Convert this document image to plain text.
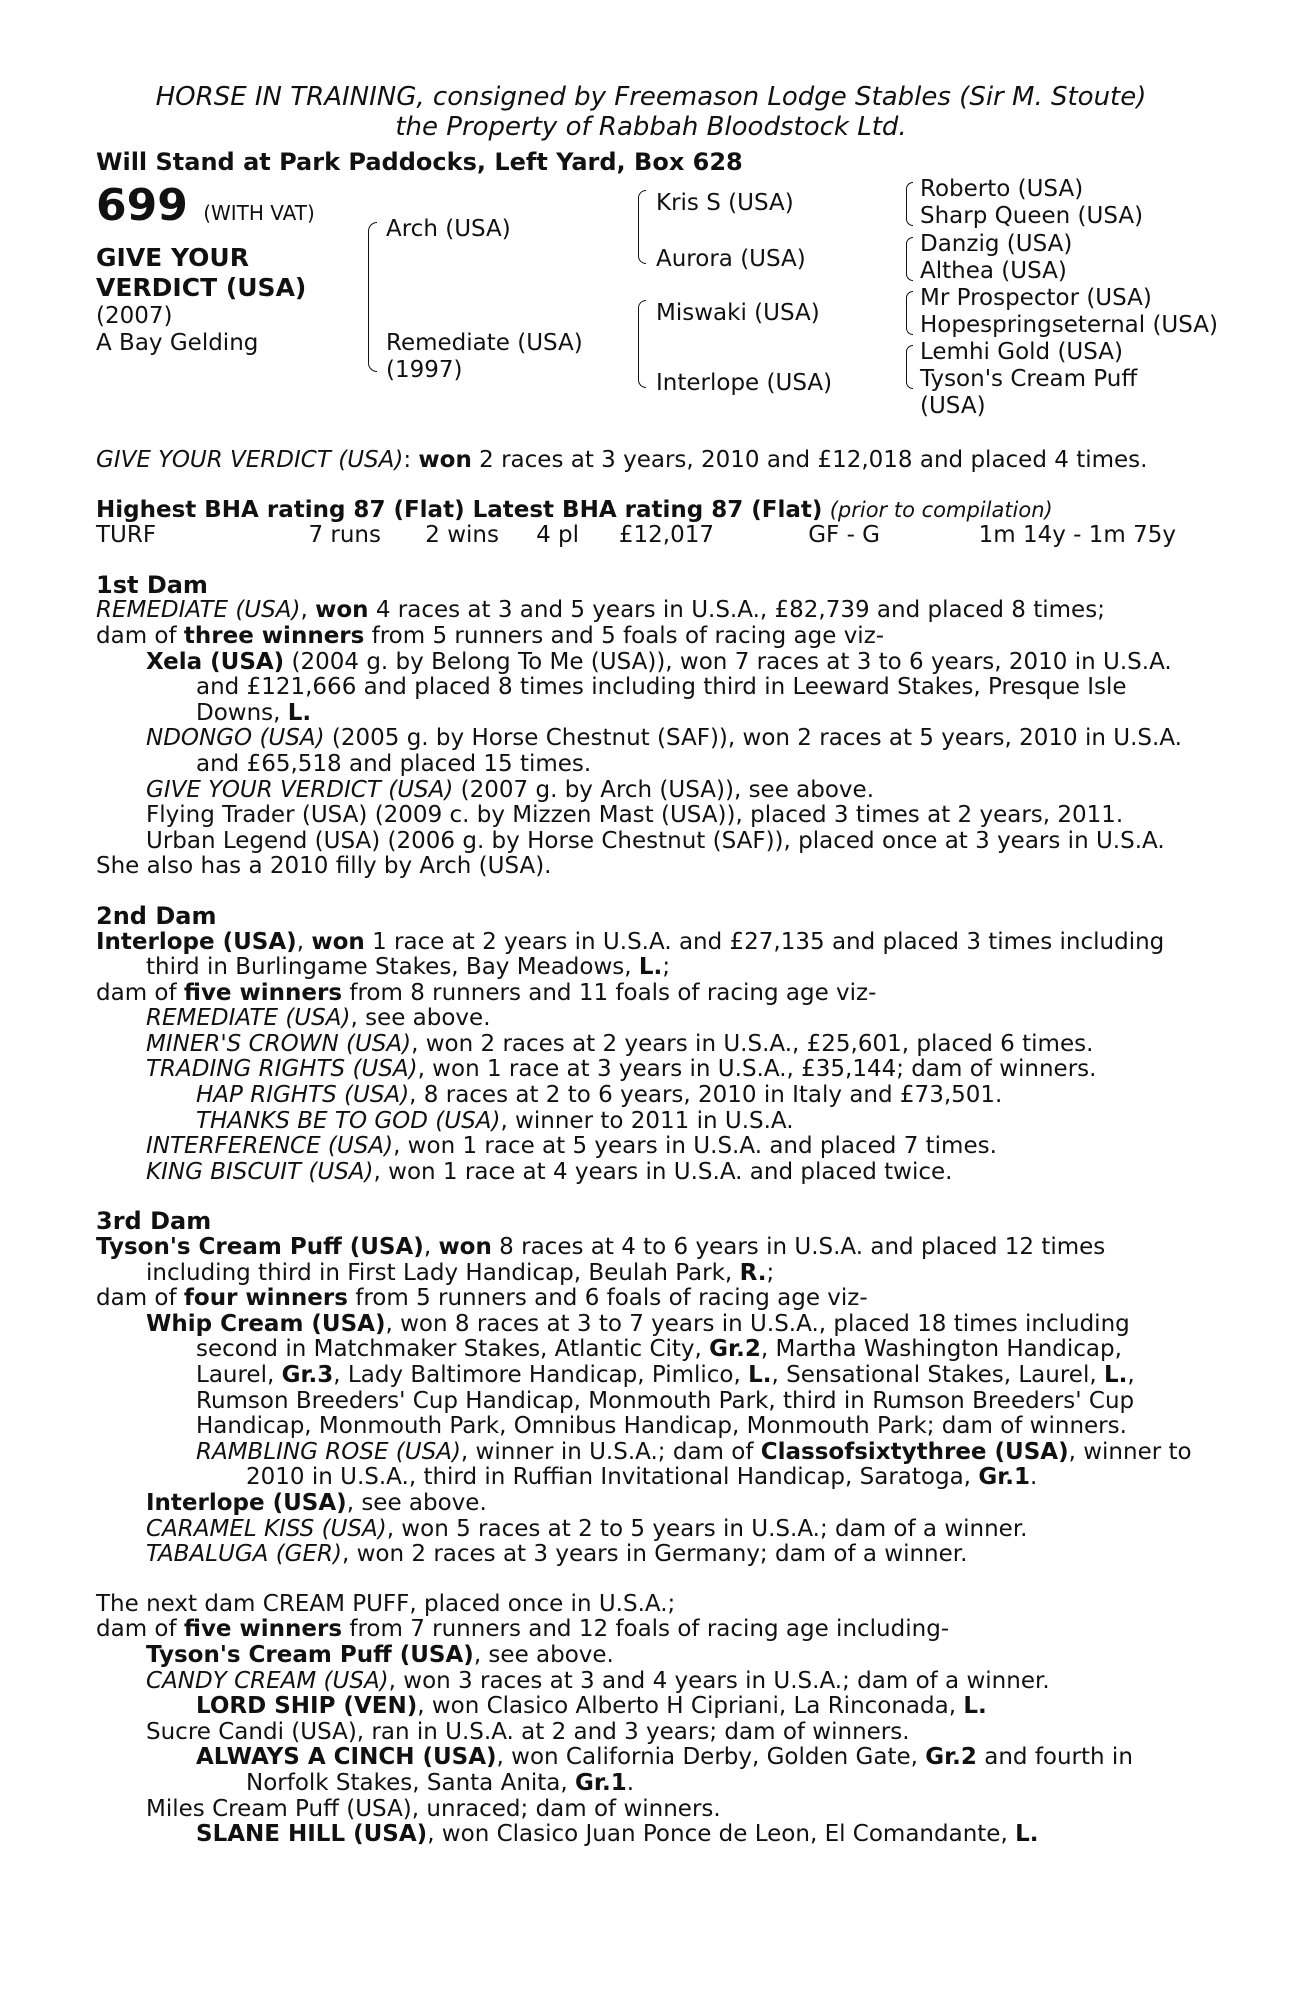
HORSE IN TRAINING, consigned by Freemason Lodge Stables (Sir M. Stoute)
the Property of Rabbah Bloodstock Ltd.
Will Stand at Park Paddocks, Left Yard, Box 628
699 (WITH VAT)
GIVE YOUR
VERDICT (USA)
(2007)
A Bay Gelding
Arch (USA)
Remediate (USA)
(1997)
Kris S (USA)
Aurora (USA)
Miswaki (USA)
Interlope (USA)
Roberto (USA)
Sharp Queen (USA)
Danzig (USA)
Althea (USA)
Mr Prospector (USA)
Hopespringseternal (USA)
Lemhi Gold (USA)
Tyson's Cream Puff
(USA)
GIVE YOUR VERDICT (USA): won 2 races at 3 years, 2010 and £12,018 and placed 4 times.
Highest BHA rating 87 (Flat) Latest BHA rating 87 (Flat) (prior to compilation)
TURF	7 runs	2 wins	4 pl	£12,017	GF - G	1m 14y - 1m 75y
1st Dam
REMEDIATE (USA), won 4 races at 3 and 5 years in U.S.A., £82,739 and placed 8 times;
dam of three winners from 5 runners and 5 foals of racing age viz-
Xela (USA) (2004 g. by Belong To Me (USA)), won 7 races at 3 to 6 years, 2010 in U.S.A. and £121,666 and placed 8 times including third in Leeward Stakes, Presque Isle Downs, L.
NDONGO (USA) (2005 g. by Horse Chestnut (SAF)), won 2 races at 5 years, 2010 in U.S.A. and £65,518 and placed 15 times.
GIVE YOUR VERDICT (USA) (2007 g. by Arch (USA)), see above.
Flying Trader (USA) (2009 c. by Mizzen Mast (USA)), placed 3 times at 2 years, 2011.
Urban Legend (USA) (2006 g. by Horse Chestnut (SAF)), placed once at 3 years in U.S.A.
She also has a 2010 filly by Arch (USA).
2nd Dam
Interlope (USA), won 1 race at 2 years in U.S.A. and £27,135 and placed 3 times including third in Burlingame Stakes, Bay Meadows, L.;
dam of five winners from 8 runners and 11 foals of racing age viz-
REMEDIATE (USA), see above.
MINER'S CROWN (USA), won 2 races at 2 years in U.S.A., £25,601, placed 6 times.
TRADING RIGHTS (USA), won 1 race at 3 years in U.S.A., £35,144; dam of winners.
HAP RIGHTS (USA), 8 races at 2 to 6 years, 2010 in Italy and £73,501.
THANKS BE TO GOD (USA), winner to 2011 in U.S.A.
INTERFERENCE (USA), won 1 race at 5 years in U.S.A. and placed 7 times.
KING BISCUIT (USA), won 1 race at 4 years in U.S.A. and placed twice.
3rd Dam
Tyson's Cream Puff (USA), won 8 races at 4 to 6 years in U.S.A. and placed 12 times including third in First Lady Handicap, Beulah Park, R.;
dam of four winners from 5 runners and 6 foals of racing age viz-
Whip Cream (USA), won 8 races at 3 to 7 years in U.S.A., placed 18 times including second in Matchmaker Stakes, Atlantic City, Gr.2, Martha Washington Handicap, Laurel, Gr.3, Lady Baltimore Handicap, Pimlico, L., Sensational Stakes, Laurel, L., Rumson Breeders' Cup Handicap, Monmouth Park, third in Rumson Breeders' Cup Handicap, Monmouth Park, Omnibus Handicap, Monmouth Park; dam of winners.
RAMBLING ROSE (USA), winner in U.S.A.; dam of Classofsixtythree (USA), winner to 2010 in U.S.A., third in Ruffian Invitational Handicap, Saratoga, Gr.1.
Interlope (USA), see above.
CARAMEL KISS (USA), won 5 races at 2 to 5 years in U.S.A.; dam of a winner.
TABALUGA (GER), won 2 races at 3 years in Germany; dam of a winner.
The next dam CREAM PUFF, placed once in U.S.A.;
dam of five winners from 7 runners and 12 foals of racing age including-
Tyson's Cream Puff (USA), see above.
CANDY CREAM (USA), won 3 races at 3 and 4 years in U.S.A.; dam of a winner.
LORD SHIP (VEN), won Clasico Alberto H Cipriani, La Rinconada, L.
Sucre Candi (USA), ran in U.S.A. at 2 and 3 years; dam of winners.
ALWAYS A CINCH (USA), won California Derby, Golden Gate, Gr.2 and fourth in Norfolk Stakes, Santa Anita, Gr.1.
Miles Cream Puff (USA), unraced; dam of winners.
SLANE HILL (USA), won Clasico Juan Ponce de Leon, El Comandante, L.
